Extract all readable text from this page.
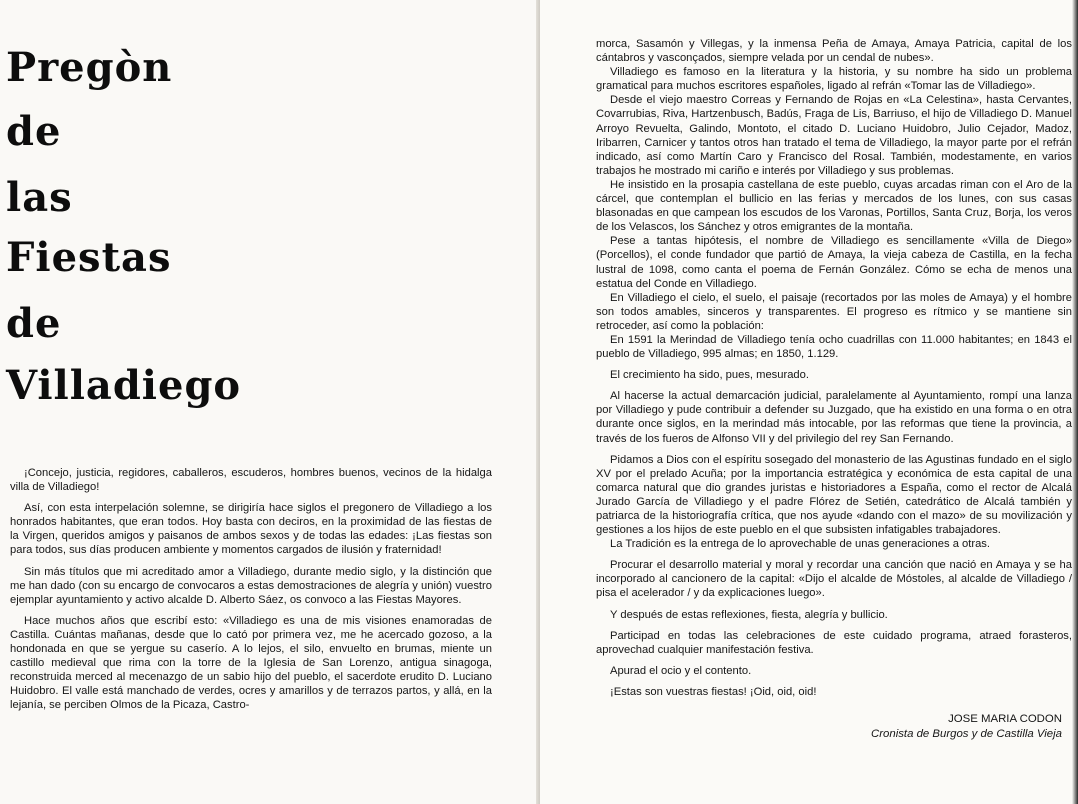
Pregòn
de
las
Fiestas
de
Villadiego

¡Concejo, justicia, regidores, caballeros, escuderos, hombres buenos, vecinos de la hidalga villa de Villadiego!

Así, con esta interpelación solemne, se dirigiría hace siglos el pregonero de Villadiego a los honrados habitantes, que eran todos. Hoy basta con deciros, en la proximidad de las fiestas de la Virgen, queridos amigos y paisanos de ambos sexos y de todas las edades: ¡Las fiestas son para todos, sus días producen ambiente y momentos cargados de ilusión y fraternidad!

Sin más títulos que mi acreditado amor a Villadiego, durante medio siglo, y la distinción que me han dado (con su encargo de convocaros a estas demostraciones de alegría y unión) vuestro ejemplar ayuntamiento y activo alcalde D. Alberto Sáez, os convoco a las Fiestas Mayores.

Hace muchos años que escribí esto: «Villadiego es una de mis visiones enamoradas de Castilla. Cuántas mañanas, desde que lo cató por primera vez, me he acercado gozoso, a la hondonada en que se yergue su caserío. A lo lejos, el silo, envuelto en brumas, miente un castillo medieval que rima con la torre de la Iglesia de San Lorenzo, antigua sinagoga, reconstruida merced al mecenazgo de un sabio hijo del pueblo, el sacerdote erudito D. Luciano Huidobro. El valle está manchado de verdes, ocres y amarillos y de terrazos partos, y allá, en la lejanía, se perciben Olmos de la Picaza, Castro-

morca, Sasamón y Villegas, y la inmensa Peña de Amaya, Amaya Patricia, capital de los cántabros y vasconçados, siempre velada por un cendal de nubes».

Villadiego es famoso en la literatura y la historia, y su nombre ha sido un problema gramatical para muchos escritores españoles, ligado al refrán «Tomar las de Villadiego».

Desde el viejo maestro Correas y Fernando de Rojas en «La Celestina», hasta Cervantes, Covarrubias, Riva, Hartzenbusch, Badús, Fraga de Lis, Barriuso, el hijo de Villadiego D. Manuel Arroyo Revuelta, Galindo, Montoto, el citado D. Luciano Huidobro, Julio Cejador, Madoz, Iribarren, Carnicer y tantos otros han tratado el tema de Villadiego, la mayor parte por el refrán indicado, así como Martín Caro y Francisco del Rosal. También, modestamente, en varios trabajos he mostrado mi cariño e interés por Villadiego y sus problemas.

He insistido en la prosapia castellana de este pueblo, cuyas arcadas riman con el Aro de la cárcel, que contemplan el bullicio en las ferias y mercados de los lunes, con sus casas blasonadas en que campean los escudos de los Varonas, Portillos, Santa Cruz, Borja, los veros de los Velascos, los Sánchez y otros emigrantes de la montaña.

Pese a tantas hipótesis, el nombre de Villadiego es sencillamente «Villa de Diego» (Porcellos), el conde fundador que partió de Amaya, la vieja cabeza de Castilla, en la fecha lustral de 1098, como canta el poema de Fernán González. Cómo se echa de menos una estatua del Conde en Villadiego.

En Villadiego el cielo, el suelo, el paisaje (recortados por las moles de Amaya) y el hombre son todos amables, sinceros y transparentes. El progreso es rítmico y se mantiene sin retroceder, así como la población:

En 1591 la Merindad de Villadiego tenía ocho cuadrillas con 11.000 habitantes; en 1843 el pueblo de Villadiego, 995 almas; en 1850, 1.129.

El crecimiento ha sido, pues, mesurado.

Al hacerse la actual demarcación judicial, paralelamente al Ayuntamiento, rompí una lanza por Villadiego y pude contribuir a defender su Juzgado, que ha existido en una forma o en otra durante once siglos, en la merindad más intocable, por las reformas que tiene la provincia, a través de los fueros de Alfonso VII y del privilegio del rey San Fernando.

Pidamos a Dios con el espíritu sosegado del monasterio de las Agustinas fundado en el siglo XV por el prelado Acuña; por la importancia estratégica y económica de esta capital de una comarca natural que dio grandes juristas e historiadores a España, como el rector de Alcalá Jurado García de Villadiego y el padre Flórez de Setién, catedrático de Alcalá también y patriarca de la historiografía crítica, que nos ayude «dando con el mazo» de su movilización y gestiones a los hijos de este pueblo en el que subsisten infatigables trabajadores.

La Tradición es la entrega de lo aprovechable de unas generaciones a otras.

Procurar el desarrollo material y moral y recordar una canción que nació en Amaya y se ha incorporado al cancionero de la capital: «Dijo el alcalde de Móstoles, al alcalde de Villadiego / pisa el acelerador / y da explicaciones luego».

Y después de estas reflexiones, fiesta, alegría y bullicio.

Participad en todas las celebraciones de este cuidado programa, atraed forasteros, aprovechad cualquier manifestación festiva.

Apurad el ocio y el contento.

¡Estas son vuestras fiestas! ¡Oid, oid, oid!

JOSE MARIA CODON
Cronista de Burgos y de Castilla Vieja
